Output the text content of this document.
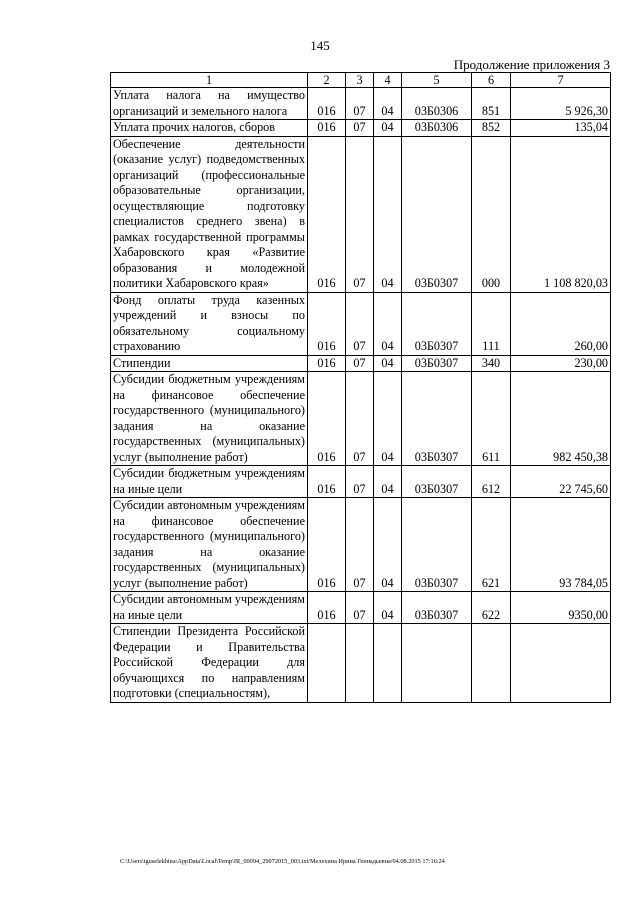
145
Продолжение приложения 3
1	2	3	4	5	6	7
Уплата налога на имущество организаций и земельного налога	016	07	04	03Б0306	851	5 926,30
Уплата прочих налогов, сборов	016	07	04	03Б0306	852	135,04
Обеспечение деятельности (оказание услуг) подведомственных организаций (профессиональные образовательные организации, осуществляющие подготовку специалистов среднего звена) в рамках государственной программы Хабаровского края «Развитие образования и молодежной политики Хабаровского края»	016	07	04	03Б0307	000	1 108 820,03
Фонд оплаты труда казенных учреждений и взносы по обязательному социальному страхованию	016	07	04	03Б0307	111	260,00
Стипендии	016	07	04	03Б0307	340	230,00
Субсидии бюджетным учреждениям на финансовое обеспечение государственного (муниципального) задания на оказание государственных (муниципальных) услуг (выполнение работ)	016	07	04	03Б0307	611	982 450,38
Субсидии бюджетным учреждениям на иные цели	016	07	04	03Б0307	612	22 745,60
Субсидии автономным учреждениям на финансовое обеспечение государственного (муниципального) задания на оказание государственных (муниципальных) услуг (выполнение работ)	016	07	04	03Б0307	621	93 784,05
Субсидии автономным учреждениям на иные цели	016	07	04	03Б0307	622	9350,00
Стипендии Президента Российской Федерации и Правительства Российской Федерации для обучающихся по направлениям подготовки (специальностям),						
C:\Users\iguselekhina\AppData\Local\Temp\IR_00094_29072015_003.txt/Мелехина Ирина Геннадьевна/04.08.2015 17:16:24
